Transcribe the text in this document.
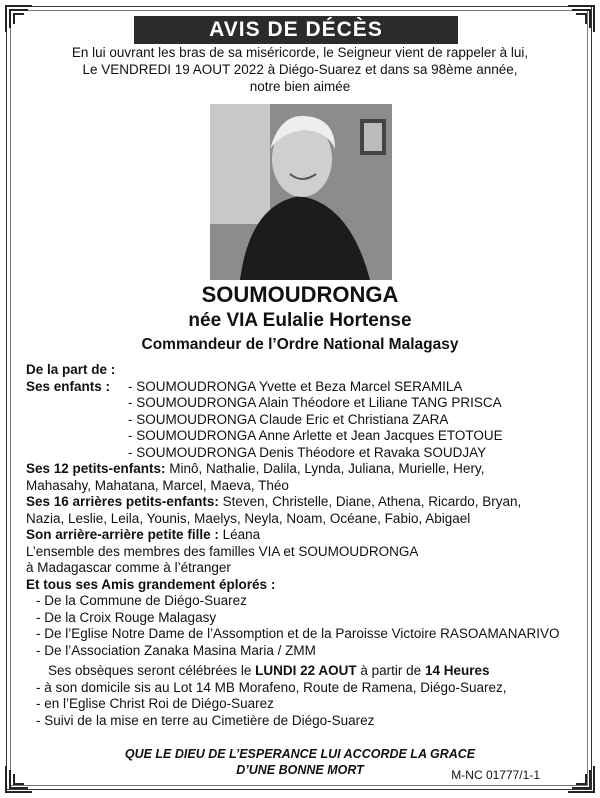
AVIS DE DÉCÈS
En lui ouvrant les bras de sa miséricorde, le Seigneur vient de rappeler à lui,
Le VENDREDI 19 AOUT 2022 à Diégo-Suarez et dans sa 98ème année,
notre bien aimée
SOUMOUDRONGA
née VIA Eulalie Hortense
Commandeur de l’Ordre National Malagasy
De la part de :
Ses enfants :	- SOUMOUDRONGA Yvette et Beza Marcel SERAMILA
- SOUMOUDRONGA Alain Théodore et Liliane TANG PRISCA
- SOUMOUDRONGA Claude Eric et Christiana ZARA
- SOUMOUDRONGA Anne Arlette et Jean Jacques ETOTOUE
- SOUMOUDRONGA Denis Théodore et Ravaka SOUDJAY
Ses 12 petits-enfants: Minô, Nathalie, Dalila, Lynda, Juliana, Murielle, Hery,
Mahasahy, Mahatana, Marcel, Maeva, Théo
Ses 16 arrières petits-enfants: Steven, Christelle, Diane, Athena, Ricardo, Bryan,
Nazia, Leslie, Leila, Younis, Maelys, Neyla, Noam, Océane, Fabio, Abigael
Son arrière-arrière petite fille : Léana
L’ensemble des membres des familles VIA et SOUMOUDRONGA
à Madagascar comme à l’étranger
Et tous ses Amis grandement éplorés :
- De la Commune de Diégo-Suarez
- De la Croix Rouge Malagasy
- De l’Eglise Notre Dame de l’Assomption et de la Paroisse Victoire RASOAMANARIVO
- De l’Association Zanaka Masina Maria / ZMM
Ses obsèques seront célébrées le LUNDI 22 AOUT à partir de 14 Heures
- à son domicile sis au Lot 14 MB Morafeno, Route de Ramena, Diégo-Suarez,
- en l’Eglise Christ Roi de Diégo-Suarez
- Suivi de la mise en terre au Cimetière de Diégo-Suarez
QUE LE DIEU DE L’ESPERANCE LUI ACCORDE LA GRACE
D’UNE BONNE MORT	M-NC 01777/1-1
